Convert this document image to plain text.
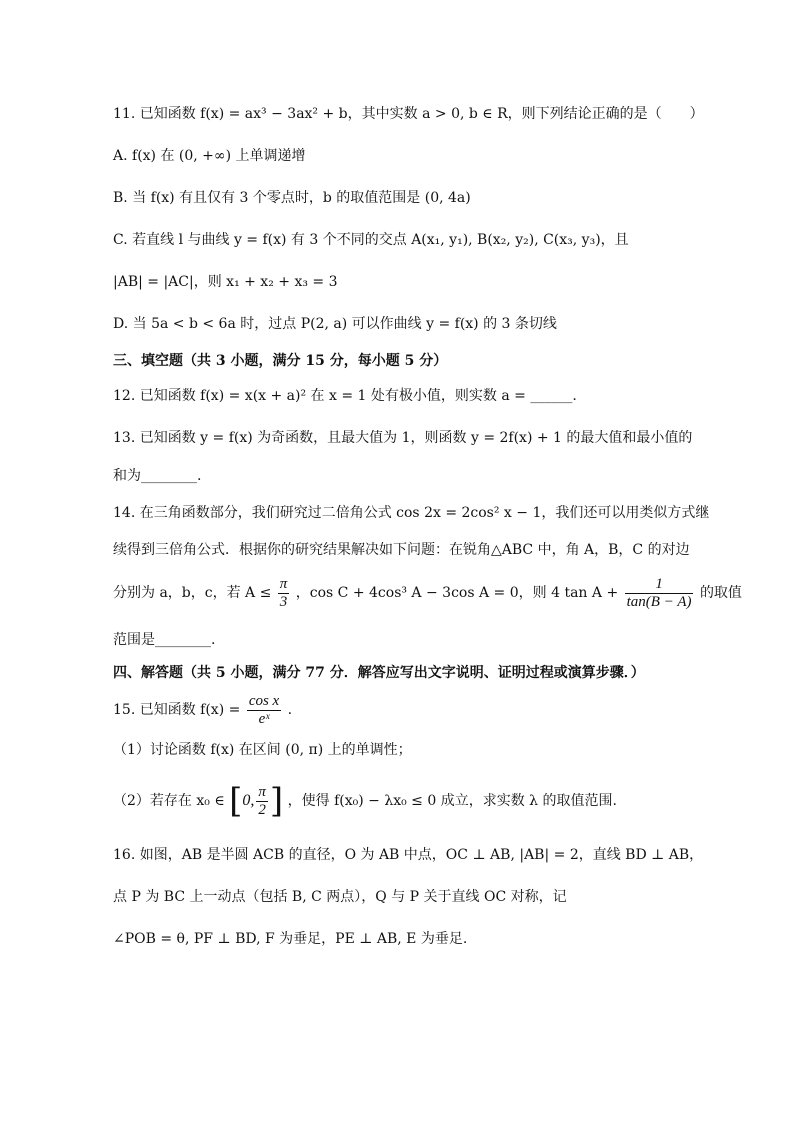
11. 已知函数 f(x) = ax³ − 3ax² + b，其中实数 a > 0, b ∈ R，则下列结论正确的是（　　）
A. f(x) 在 (0, +∞) 上单调递增
B. 当 f(x) 有且仅有 3 个零点时，b 的取值范围是 (0, 4a)
C. 若直线 l 与曲线 y = f(x) 有 3 个不同的交点 A(x₁, y₁), B(x₂, y₂), C(x₃, y₃)，且
|AB| = |AC|，则 x₁ + x₂ + x₃ = 3
D. 当 5a < b < 6a 时，过点 P(2, a) 可以作曲线 y = f(x) 的 3 条切线
三、填空题（共 3 小题，满分 15 分，每小题 5 分）
12. 已知函数 f(x) = x(x + a)² 在 x = 1 处有极小值，则实数 a = ______.
13. 已知函数 y = f(x) 为奇函数，且最大值为 1，则函数 y = 2f(x) + 1 的最大值和最小值的
和为________.
14. 在三角函数部分，我们研究过二倍角公式 cos 2x = 2cos² x − 1，我们还可以用类似方式继
续得到三倍角公式．根据你的研究结果解决如下问题：在锐角△ABC 中，角 A，B，C 的对边
分别为 a，b，c，若 $A \le \frac{\pi}{3}$ ，cos C + 4cos³ A − 3cos A = 0，则 4 $\tan A + \frac{1}{\tan(B - A)}$ 的取值
范围是________.
四、解答题（共 5 小题，满分 77 分．解答应写出文字说明、证明过程或演算步骤．）
15. 已知函数 $f(x) = \frac{\text{cos x}}{\text{eˣ}}$ .
（1）讨论函数 f(x) 在区间 (0, π) 上的单调性；
（2）若存在 x₀ ∈ [0, $\frac{\pi}{2}$ ] ，使得 f(x₀) − λx₀ ≤ 0 成立，求实数 λ 的取值范围.
16. 如图，AB 是半圆 ACB 的直径，O 为 AB 中点，OC ⊥ AB, |AB| = 2，直线 BD ⊥ AB，
点 P 为 BC 上一动点（包括 B, C 两点），Q 与 P 关于直线 OC 对称，记
∠POB = θ, PF ⊥ BD, F 为垂足，PE ⊥ AB, E 为垂足.
